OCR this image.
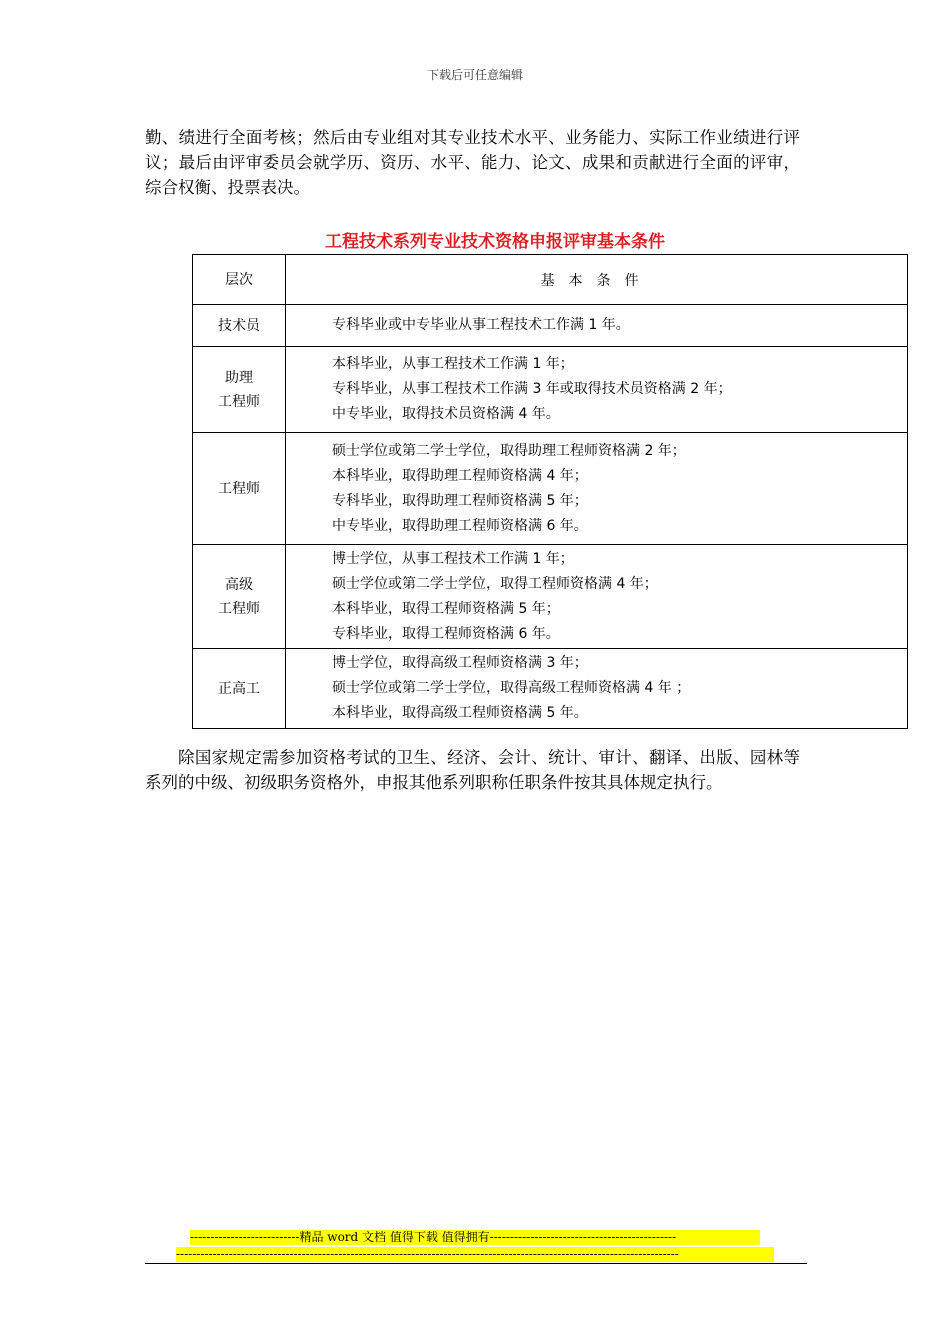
下载后可任意编辑

勤、绩进行全面考核；然后由专业组对其专业技术水平、业务能力、实际工作业绩进行评议；最后由评审委员会就学历、资历、水平、能力、论文、成果和贡献进行全面的评审，综合权衡、投票表决。

工程技术系列专业技术资格申报评审基本条件
层次	基本条件

技术员	专科毕业或中专毕业从事工程技术工作满 1 年。

助理
工程师	本科毕业，从事工程技术工作满 1 年；
专科毕业，从事工程技术工作满 3 年或取得技术员资格满 2 年；
中专毕业，取得技术员资格满 4 年。

工程师	硕士学位或第二学士学位，取得助理工程师资格满 2 年；
本科毕业，取得助理工程师资格满 4 年；
专科毕业，取得助理工程师资格满 5 年；
中专毕业，取得助理工程师资格满 6 年。

高级
工程师	博士学位，从事工程技术工作满 1 年；
硕士学位或第二学士学位，取得工程师资格满 4 年；
本科毕业，取得工程师资格满 5 年；
专科毕业，取得工程师资格满 6 年。

正高工	博士学位，取得高级工程师资格满 3 年；
硕士学位或第二学士学位，取得高级工程师资格满 4 年 ；
本科毕业，取得高级工程师资格满 5 年。

除国家规定需参加资格考试的卫生、经济、会计、统计、审计、翻译、出版、园林等系列的中级、初级职务资格外，申报其他系列职称任职条件按其具体规定执行。

---------------------------精品 word 文档 值得下载 值得拥有----------------------------------------------
----------------------------------------------------------------------------------------------------------------------------
